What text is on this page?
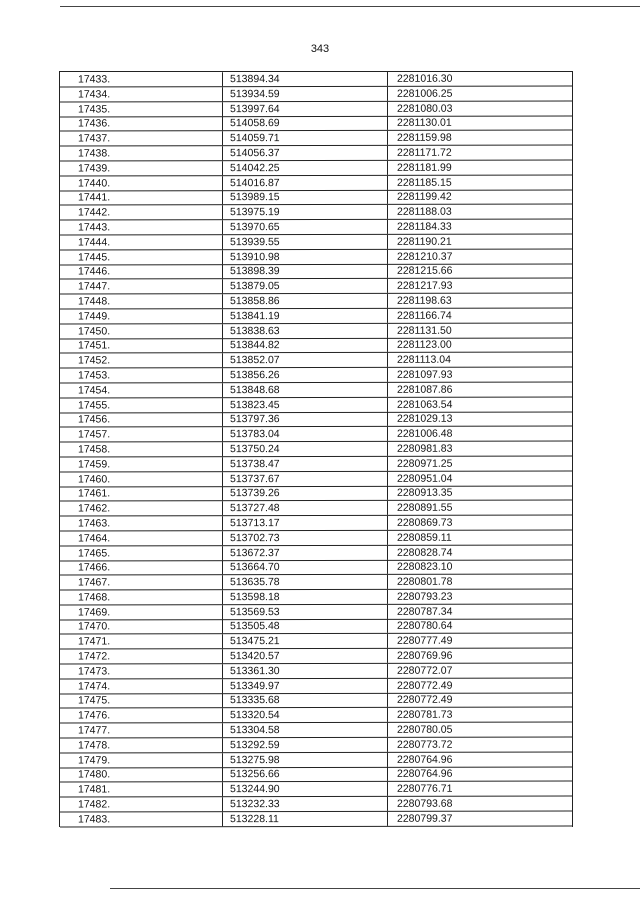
343
17433.	513894.34	2281016.30
17434.	513934.59	2281006.25
17435.	513997.64	2281080.03
17436.	514058.69	2281130.01
17437.	514059.71	2281159.98
17438.	514056.37	2281171.72
17439.	514042.25	2281181.99
17440.	514016.87	2281185.15
17441.	513989.15	2281199.42
17442.	513975.19	2281188.03
17443.	513970.65	2281184.33
17444.	513939.55	2281190.21
17445.	513910.98	2281210.37
17446.	513898.39	2281215.66
17447.	513879.05	2281217.93
17448.	513858.86	2281198.63
17449.	513841.19	2281166.74
17450.	513838.63	2281131.50
17451.	513844.82	2281123.00
17452.	513852.07	2281113.04
17453.	513856.26	2281097.93
17454.	513848.68	2281087.86
17455.	513823.45	2281063.54
17456.	513797.36	2281029.13
17457.	513783.04	2281006.48
17458.	513750.24	2280981.83
17459.	513738.47	2280971.25
17460.	513737.67	2280951.04
17461.	513739.26	2280913.35
17462.	513727.48	2280891.55
17463.	513713.17	2280869.73
17464.	513702.73	2280859.11
17465.	513672.37	2280828.74
17466.	513664.70	2280823.10
17467.	513635.78	2280801.78
17468.	513598.18	2280793.23
17469.	513569.53	2280787.34
17470.	513505.48	2280780.64
17471.	513475.21	2280777.49
17472.	513420.57	2280769.96
17473.	513361.30	2280772.07
17474.	513349.97	2280772.49
17475.	513335.68	2280772.49
17476.	513320.54	2280781.73
17477.	513304.58	2280780.05
17478.	513292.59	2280773.72
17479.	513275.98	2280764.96
17480.	513256.66	2280764.96
17481.	513244.90	2280776.71
17482.	513232.33	2280793.68
17483.	513228.11	2280799.37
